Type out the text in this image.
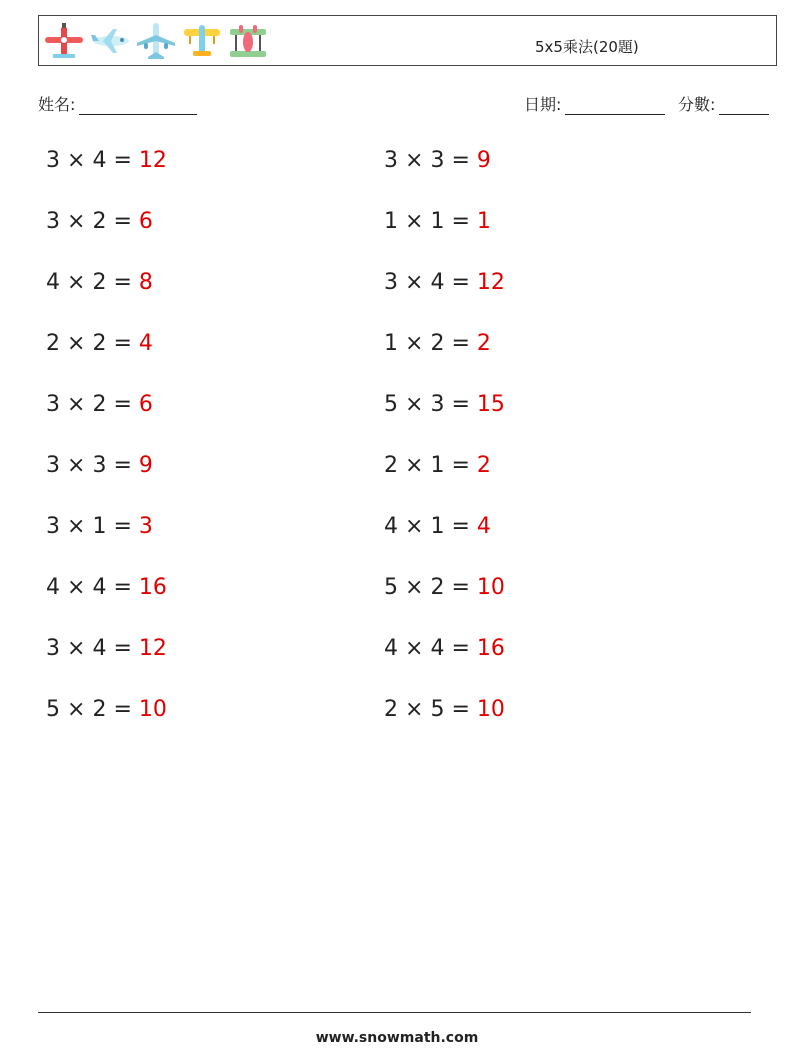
5x5乘法(20題)
姓名:	日期:	分數:
3 × 4 = 12
3 × 2 = 6
4 × 2 = 8
2 × 2 = 4
3 × 2 = 6
3 × 3 = 9
3 × 1 = 3
4 × 4 = 16
3 × 4 = 12
5 × 2 = 10
3 × 3 = 9
1 × 1 = 1
3 × 4 = 12
1 × 2 = 2
5 × 3 = 15
2 × 1 = 2
4 × 1 = 4
5 × 2 = 10
4 × 4 = 16
2 × 5 = 10
www.snowmath.com
